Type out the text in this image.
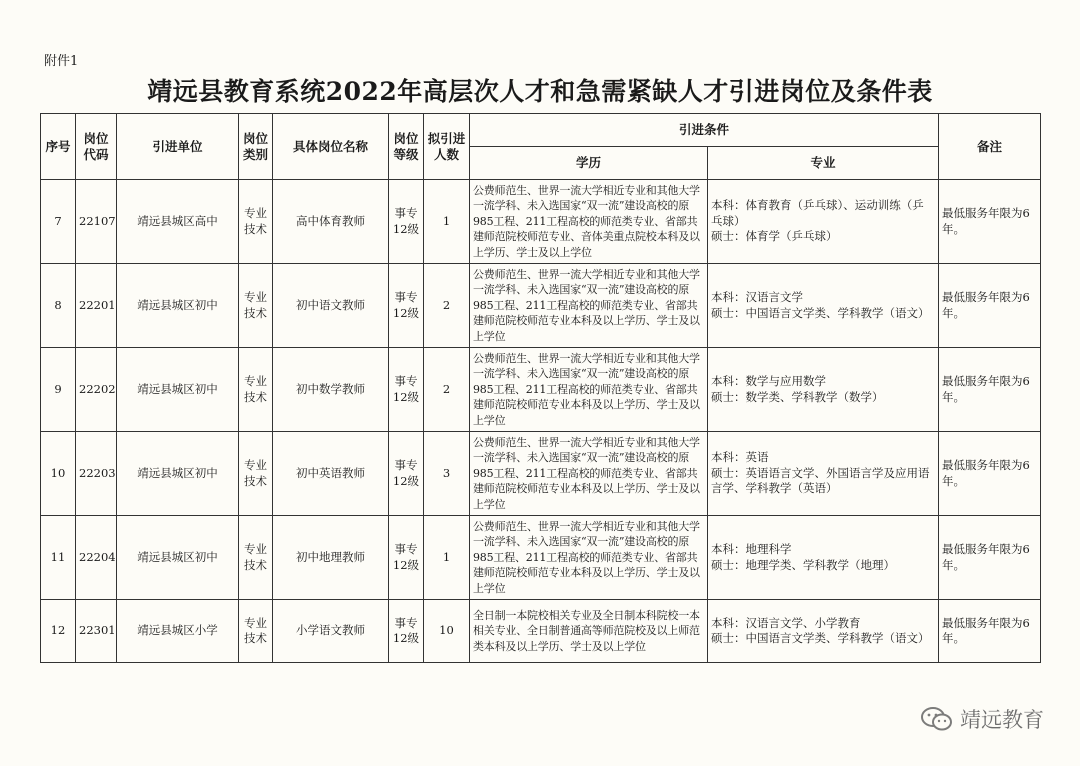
附件1
靖远县教育系统2022年高层次人才和急需紧缺人才引进岗位及条件表
序号	岗位代码	引进单位	岗位类别	具体岗位名称	岗位等级	拟引进人数	引进条件		备注
							学历	专业	
7	22107	靖远县城区高中	专业技术	高中体育教师	事专12级	1	公费师范生、世界一流大学相近专业和其他大学一流学科、未入选国家“双一流”建设高校的原985工程、211工程高校的师范类专业、省部共建师范院校师范专业、音体美重点院校本科及以上学历、学士及以上学位	本科：体育教育（乒乓球）、运动训练（乒乓球）
硕士：体育学（乒乓球）	最低服务年限为6年。
8	22201	靖远县城区初中	专业技术	初中语文教师	事专12级	2	公费师范生、世界一流大学相近专业和其他大学一流学科、未入选国家“双一流”建设高校的原985工程、211工程高校的师范类专业、省部共建师范院校师范专业本科及以上学历、学士及以上学位	本科：汉语言文学
硕士：中国语言文学类、学科教学（语文）	最低服务年限为6年。
9	22202	靖远县城区初中	专业技术	初中数学教师	事专12级	2	公费师范生、世界一流大学相近专业和其他大学一流学科、未入选国家“双一流”建设高校的原985工程、211工程高校的师范类专业、省部共建师范院校师范专业本科及以上学历、学士及以上学位	本科：数学与应用数学
硕士：数学类、学科教学（数学）	最低服务年限为6年。
10	22203	靖远县城区初中	专业技术	初中英语教师	事专12级	3	公费师范生、世界一流大学相近专业和其他大学一流学科、未入选国家“双一流”建设高校的原985工程、211工程高校的师范类专业、省部共建师范院校师范专业本科及以上学历、学士及以上学位	本科：英语
硕士：英语语言文学、外国语言学及应用语言学、学科教学（英语）	最低服务年限为6年。
11	22204	靖远县城区初中	专业技术	初中地理教师	事专12级	1	公费师范生、世界一流大学相近专业和其他大学一流学科、未入选国家“双一流”建设高校的原985工程、211工程高校的师范类专业、省部共建师范院校师范专业本科及以上学历、学士及以上学位	本科：地理科学
硕士：地理学类、学科教学（地理）	最低服务年限为6年。
12	22301	靖远县城区小学	专业技术	小学语文教师	事专12级	10	全日制一本院校相关专业及全日制本科院校一本相关专业、全日制普通高等师范院校及以上师范类本科及以上学历、学士及以上学位	本科：汉语言文学、小学教育
硕士：中国语言文学类、学科教学（语文）	最低服务年限为6年。
靖远教育
